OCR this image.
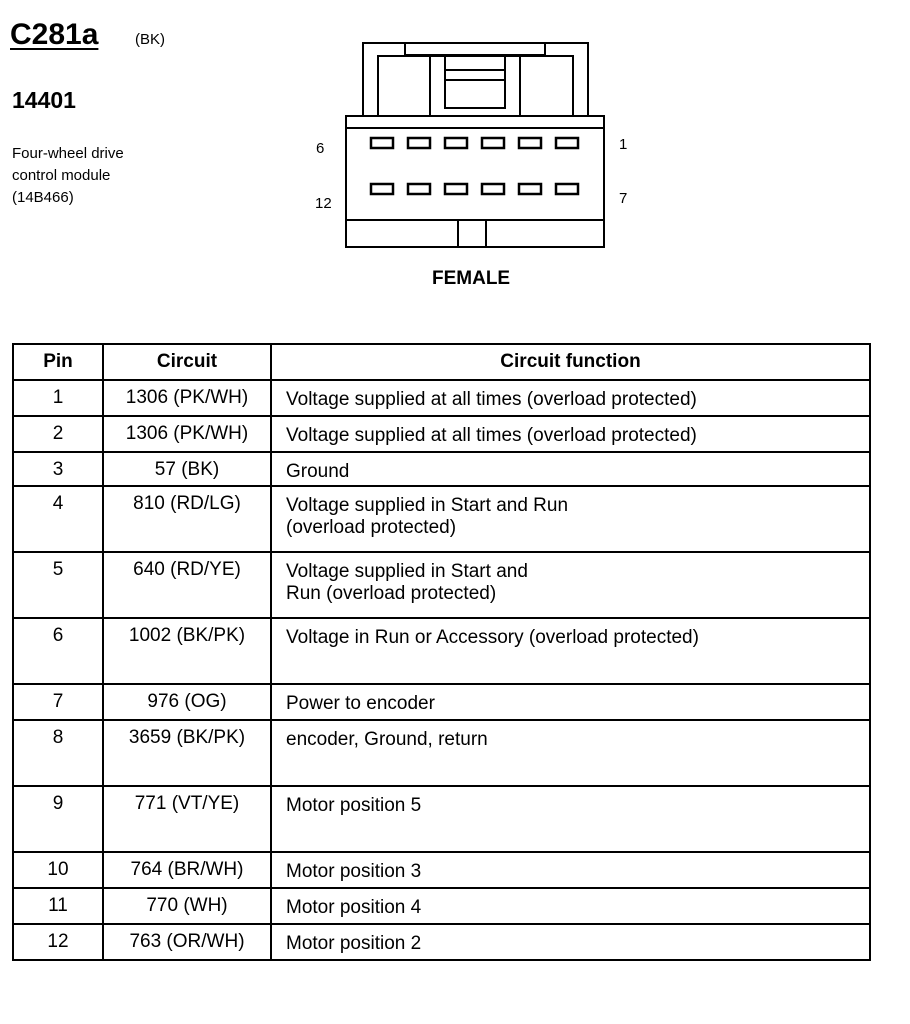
C281a (BK)
14401
Four-wheel drive
control module
(14B466)
6	1
12	7
FEMALE
Pin	Circuit	Circuit function
1	1306 (PK/WH)	Voltage supplied at all times (overload protected)

2	1306 (PK/WH)	Voltage supplied at all times (overload protected)

3	57 (BK)	Ground

4	810 (RD/LG)	Voltage supplied in Start and Run
(overload protected)

5	640 (RD/YE)	Voltage supplied in Start and
Run (overload protected)

6	1002 (BK/PK)	Voltage in Run or Accessory (overload protected)

7	976 (OG)	Power to encoder

8	3659 (BK/PK)	encoder, Ground, return

9	771 (VT/YE)	Motor position 5

10	764 (BR/WH)	Motor position 3

11	770 (WH)	Motor position 4

12	763 (OR/WH)	Motor position 2
